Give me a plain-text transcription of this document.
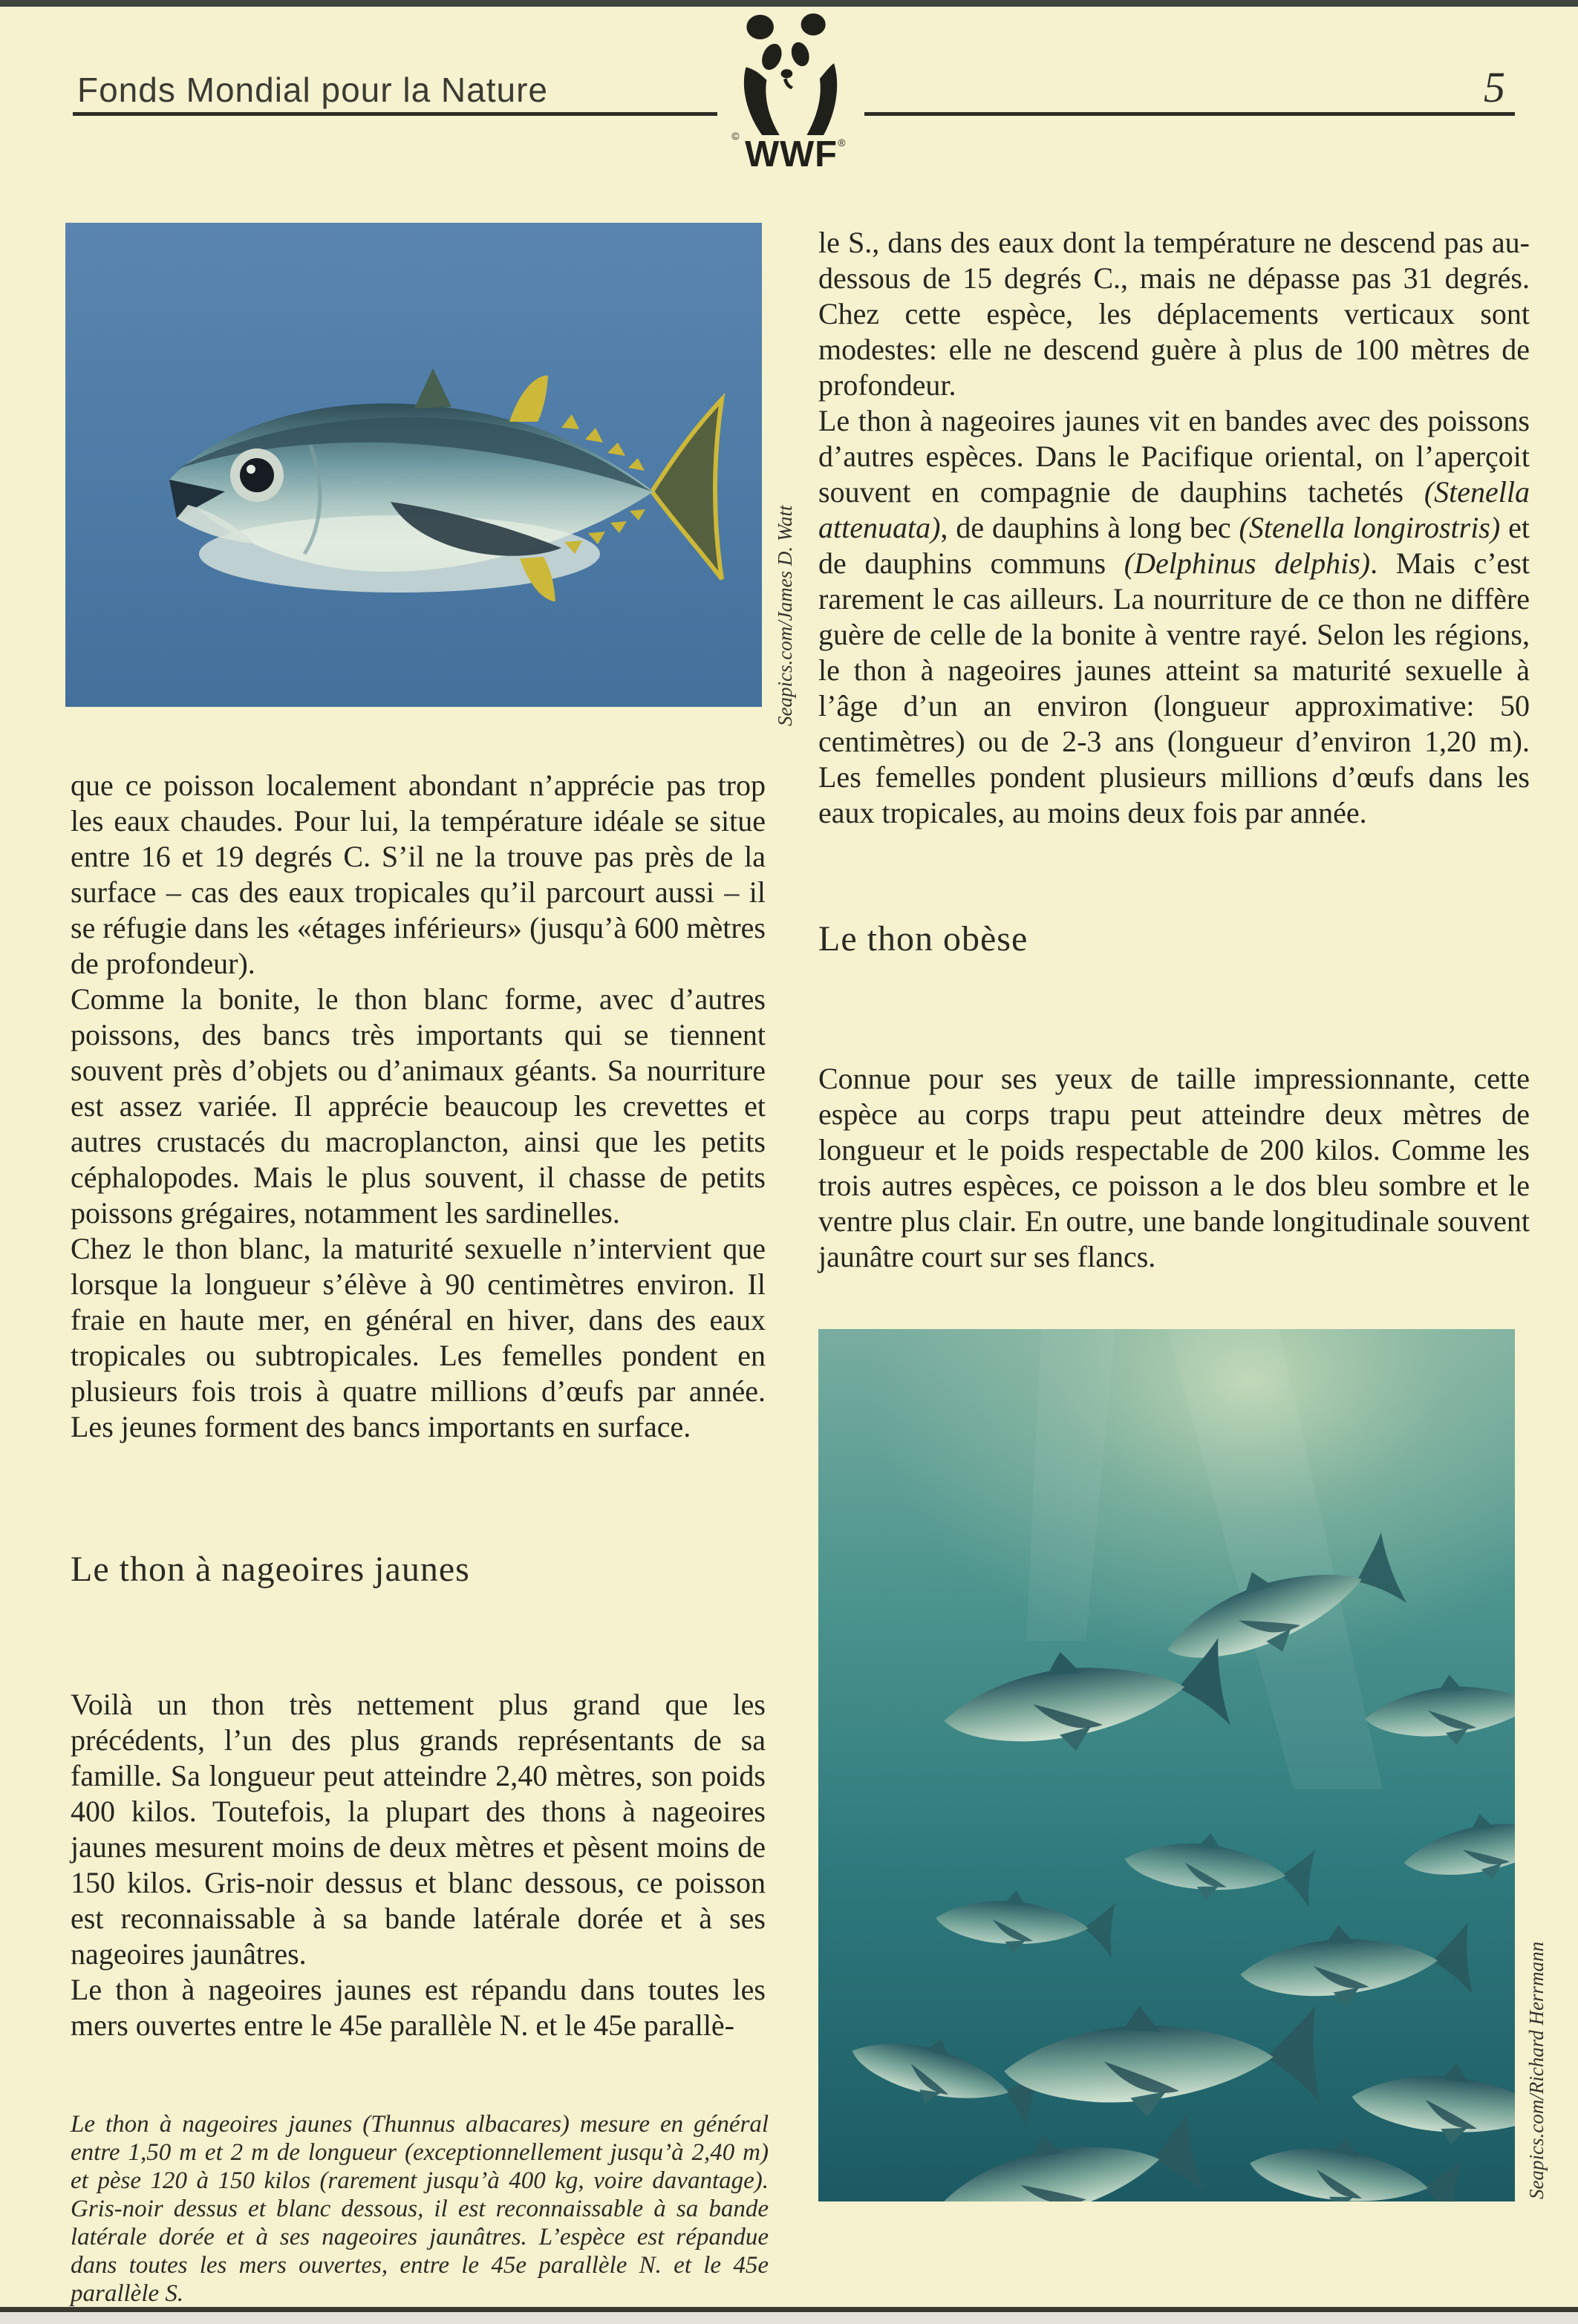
Fonds Mondial pour la Nature	5
©
®
WWF
Seapics.com/James D. Watt

que ce poisson localement abondant n’apprécie pas trop les eaux chaudes. Pour lui, la température idéale se situe entre 16 et 19 degrés C. S’il ne la trouve pas près de la surface – cas des eaux tropicales qu’il parcourt aussi – il se réfugie dans les «étages inférieurs» (jusqu’à 600 mètres de profondeur).

Comme la bonite, le thon blanc forme, avec d’autres poissons, des bancs très importants qui se tiennent souvent près d’objets ou d’animaux géants. Sa nourriture est assez variée. Il apprécie beaucoup les crevettes et autres crustacés du macroplancton, ainsi que les petits céphalopodes. Mais le plus souvent, il chasse de petits poissons grégaires, notamment les sardinelles.

Chez le thon blanc, la maturité sexuelle n’intervient que lorsque la longueur s’élève à 90 centimètres environ. Il fraie en haute mer, en général en hiver, dans des eaux tropicales ou subtropicales. Les femelles pondent en plusieurs fois trois à quatre millions d’œufs par année. Les jeunes forment des bancs importants en surface.

Le thon à nageoires jaunes

Voilà un thon très nettement plus grand que les précédents, l’un des plus grands représentants de sa famille. Sa longueur peut atteindre 2,40 mètres, son poids 400 kilos. Toutefois, la plupart des thons à nageoires jaunes mesurent moins de deux mètres et pèsent moins de 150 kilos. Gris-noir dessus et blanc dessous, ce poisson est reconnaissable à sa bande latérale dorée et à ses nageoires jaunâtres.

Le thon à nageoires jaunes est répandu dans toutes les mers ouvertes entre le 45e parallèle N. et le 45e parallè-

Le thon à nageoires jaunes (Thunnus albacares) mesure en général entre 1,50 m et 2 m de longueur (exceptionnellement jusqu’à 2,40 m) et pèse 120 à 150 kilos (rarement jusqu’à 400 kg, voire davantage). Gris-noir dessus et blanc dessous, il est reconnaissable à sa bande latérale dorée et à ses nageoires jaunâtres. L’espèce est répandue dans toutes les mers ouvertes, entre le 45e parallèle N. et le 45e parallèle S.

le S., dans des eaux dont la température ne descend pas au-dessous de 15 degrés C., mais ne dépasse pas 31 degrés. Chez cette espèce, les déplacements verticaux sont modestes: elle ne descend guère à plus de 100 mètres de profondeur.

Le thon à nageoires jaunes vit en bandes avec des poissons d’autres espèces. Dans le Pacifique oriental, on l’aperçoit souvent en compagnie de dauphins tachetés (Stenella attenuata), de dauphins à long bec (Stenella longirostris) et de dauphins communs (Delphinus delphis). Mais c’est rarement le cas ailleurs. La nourriture de ce thon ne diffère guère de celle de la bonite à ventre rayé. Selon les régions, le thon à nageoires jaunes atteint sa maturité sexuelle à l’âge d’un an environ (longueur approximative: 50 centimètres) ou de 2-3 ans (longueur d’environ 1,20 m). Les femelles pondent plusieurs millions d’œufs dans les eaux tropicales, au moins deux fois par année.

Le thon obèse

Connue pour ses yeux de taille impressionnante, cette espèce au corps trapu peut atteindre deux mètres de longueur et le poids respectable de 200 kilos. Comme les trois autres espèces, ce poisson a le dos bleu sombre et le ventre plus clair. En outre, une bande longitudinale souvent jaunâtre court sur ses flancs.

Seapics.com/Richard Herrmann
